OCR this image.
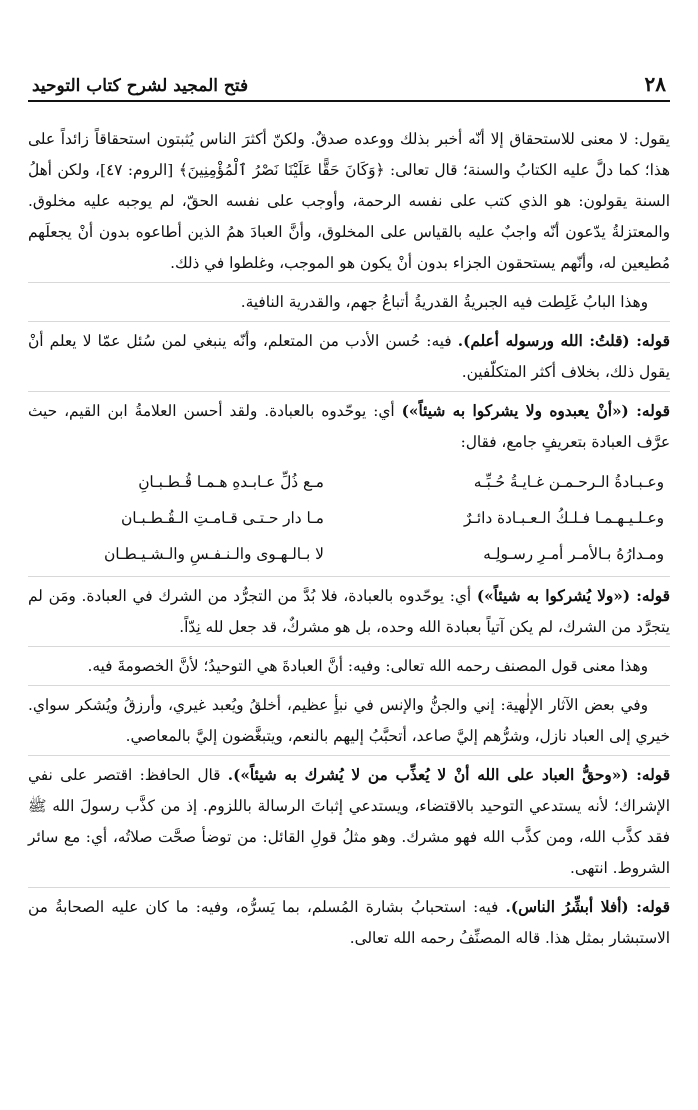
٢٨
فتح المجيد لشرح كتاب التوحيد

يقول: لا معنى للاستحقاق إلا أنّه أخبر بذلك ووعده صدقٌ. ولكنّ أكثرَ الناس يُثبتون استحقاقاً زائداً على هذا؛ كما دلَّ عليه الكتابُ والسنة؛ قال تعالى: ﴿وَكَانَ حَقًّا عَلَيْنَا نَصْرُ ٱلْمُؤْمِنِينَ﴾ [الروم: ٤٧]، ولكن أهلُ السنة يقولون: هو الذي كتب على نفسه الرحمة، وأوجب على نفسه الحقّ، لم يوجبه عليه مخلوق. والمعتزلةُ يدّعون أنّه واجبٌ عليه بالقياس على المخلوق، وأنَّ العبادَ همُ الذين أطاعوه بدون أنْ يجعلَهم مُطيعين له، وأنّهم يستحقون الجزاء بدون أنْ يكون هو الموجب، وغلطوا في ذلك.

وهذا البابُ غَلِطت فيه الجبريةُ القدريةُ أتباعُ جهم، والقدرية النافية.

قوله: (قلتُ: الله ورسوله أعلم). فيه: حُسن الأدب من المتعلم، وأنّه ينبغي لمن سُئل عمّا لا يعلم أنْ يقول ذلك، بخلاف أكثر المتكلّفين.

قوله: («أنْ يعبدوه ولا يشركوا به شيئاً») أي: يوحّدوه بالعبادة. ولقد أحسن العلامةُ ابن القيم، حيث عرَّف العبادة بتعريفٍ جامع، فقال:

وعـبـادةُ الـرحـمـن غـايـةُ حُـبِّـه
مـع ذُلِّ عـابـدهِ هـمـا قُـطـبـانِ
وعـلـيـهـمـا فـلـكُ الـعـبـادة دائـرٌ
مـا دار حـتـى قـامـتِ الـقُـطـبـان
ومـدارُهُ بـالأمـر أمـرِ رسـولِـه
لا بـالـهـوى والـنـفـسِ والـشـيـطـان

قوله: («ولا يُشركوا به شيئاً») أي: يوحّدوه بالعبادة، فلا بُدَّ من التجرُّد من الشرك في العبادة. ومَن لم يتجرَّد من الشرك، لم يكن آتياً بعبادة الله وحده، بل هو مشركٌ، قد جعل لله نِدّاً.

وهذا معنى قول المصنف رحمه الله تعالى: وفيه: أنَّ العبادةَ هي التوحيدُ؛ لأنَّ الخصومةَ فيه.

وفي بعض الآثار الإلٰهية: إني والجنُّ والإنس في نبأٍ عظيم، أخلقُ ويُعبد غيري، وأرزقُ ويُشكر سواي. خيري إلى العباد نازل، وشرُّهم إليَّ صاعد، أتحبَّبُ إليهم بالنعم، ويتبغَّضون إليَّ بالمعاصي.

قوله: («وحقُّ العباد على الله أنْ لا يُعذِّب من لا يُشرك به شيئاً»). قال الحافظ: اقتصر على نفي الإشراك؛ لأنه يستدعي التوحيد بالاقتضاء، ويستدعي إثباتَ الرسالة باللزوم. إذ من كذَّب رسولَ الله ﷺ فقد كذَّب الله، ومن كذَّب الله فهو مشرك. وهو مثلُ قولِ القائل: من توضأ صحَّت صلاتُه، أي: مع سائر الشروط. انتهى.

قوله: (أفلا أبشِّرُ الناس). فيه: استحبابُ بشارة المُسلم، بما يَسرُّه، وفيه: ما كان عليه الصحابةُ من الاستبشار بمثل هذا. قاله المصنِّفُ رحمه الله تعالى.
